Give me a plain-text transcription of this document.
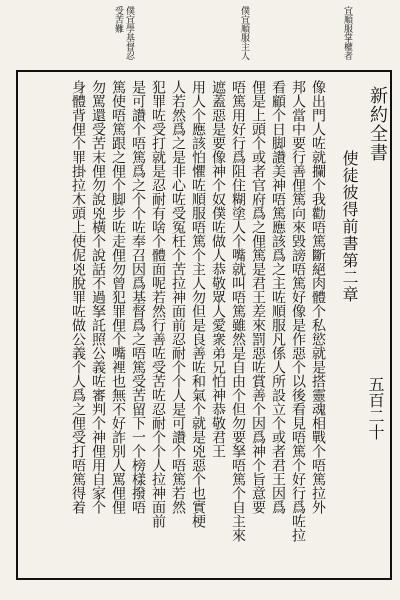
宜順服掌權者
僕宜順服主人
僕宜學基督忍受苦難
新約全書
使徒彼得前書第二章
五百二十
像出門人咗就攔个我勸唔篤斷絕肉體个私慾就是搭靈魂相戰个唔篤拉外
邦人當中要行善俚篤向來毀謗唔篤好像是作惡个以後看見唔篤个好行爲咗拉
看顧个日脚讚美神唔篤應該爲之主咗順服凡係人所設立个或者君王因爲
俚是上頭个或者官府爲之俚篤是君王差來罰惡咗賞善个因爲神个旨意要
唔篤用好行爲阻住糊塗人个嘴就叫唔篤雖然是自由个但勿要拏唔篤个自主來
遮蓋惡是要像神个奴僕咗做人恭敬眾人愛衆弟兄怕神恭敬君王
用人个應該怕懼咗順服唔篤个主人勿但是良善咗和氣个就是兇惡个也實梗
人若然爲之是非心咗受冤枉个苦拉神面前忍耐个个人是可讚个唔篤若然
犯罪咗受打就是忍耐有啥个體面呢若然行善咗受苦咗忍耐个个人拉神面前
是可讚个唔篤爲之个个咗奉召因爲基督爲之唔篤受苦留下一个榜樣撥唔
篤使唔篤跟之俚个脚步咗走俚勿曾犯罪俚个嘴裡也無不好詐別人罵俚俚
勿罵還受苦末俚勿說兇橫个說話不過拏託照公義咗審判个神俚用自家个
身體背俚个罪掛拉木頭上使伲兇脫罪咗做公義个人爲之俚受打唔篤得着
